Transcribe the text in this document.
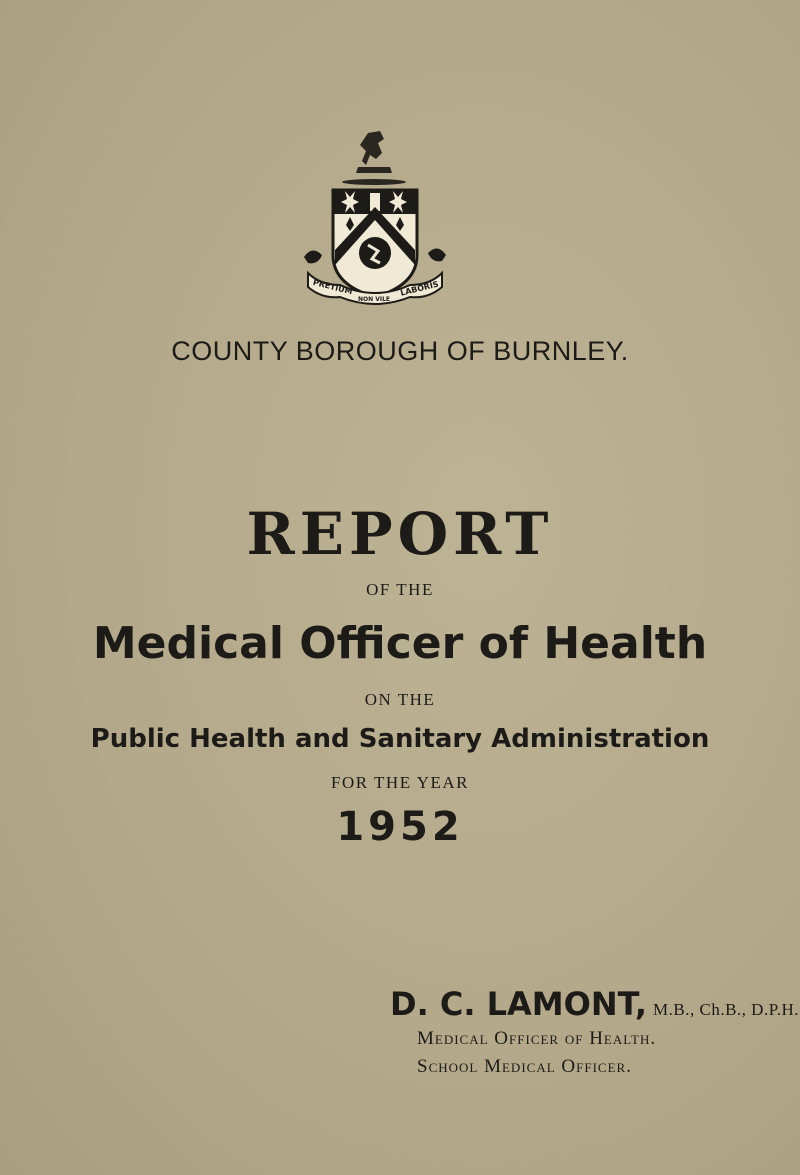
PRETIUM
NON VILE
LABORIS
COUNTY BOROUGH OF BURNLEY.
REPORT
OF THE
Medical Officer of Health
ON THE
Public Health and Sanitary Administration
FOR THE YEAR
1952
D. C. LAMONT, M.B., Ch.B., D.P.H.
Medical Officer of Health.
School Medical Officer.
